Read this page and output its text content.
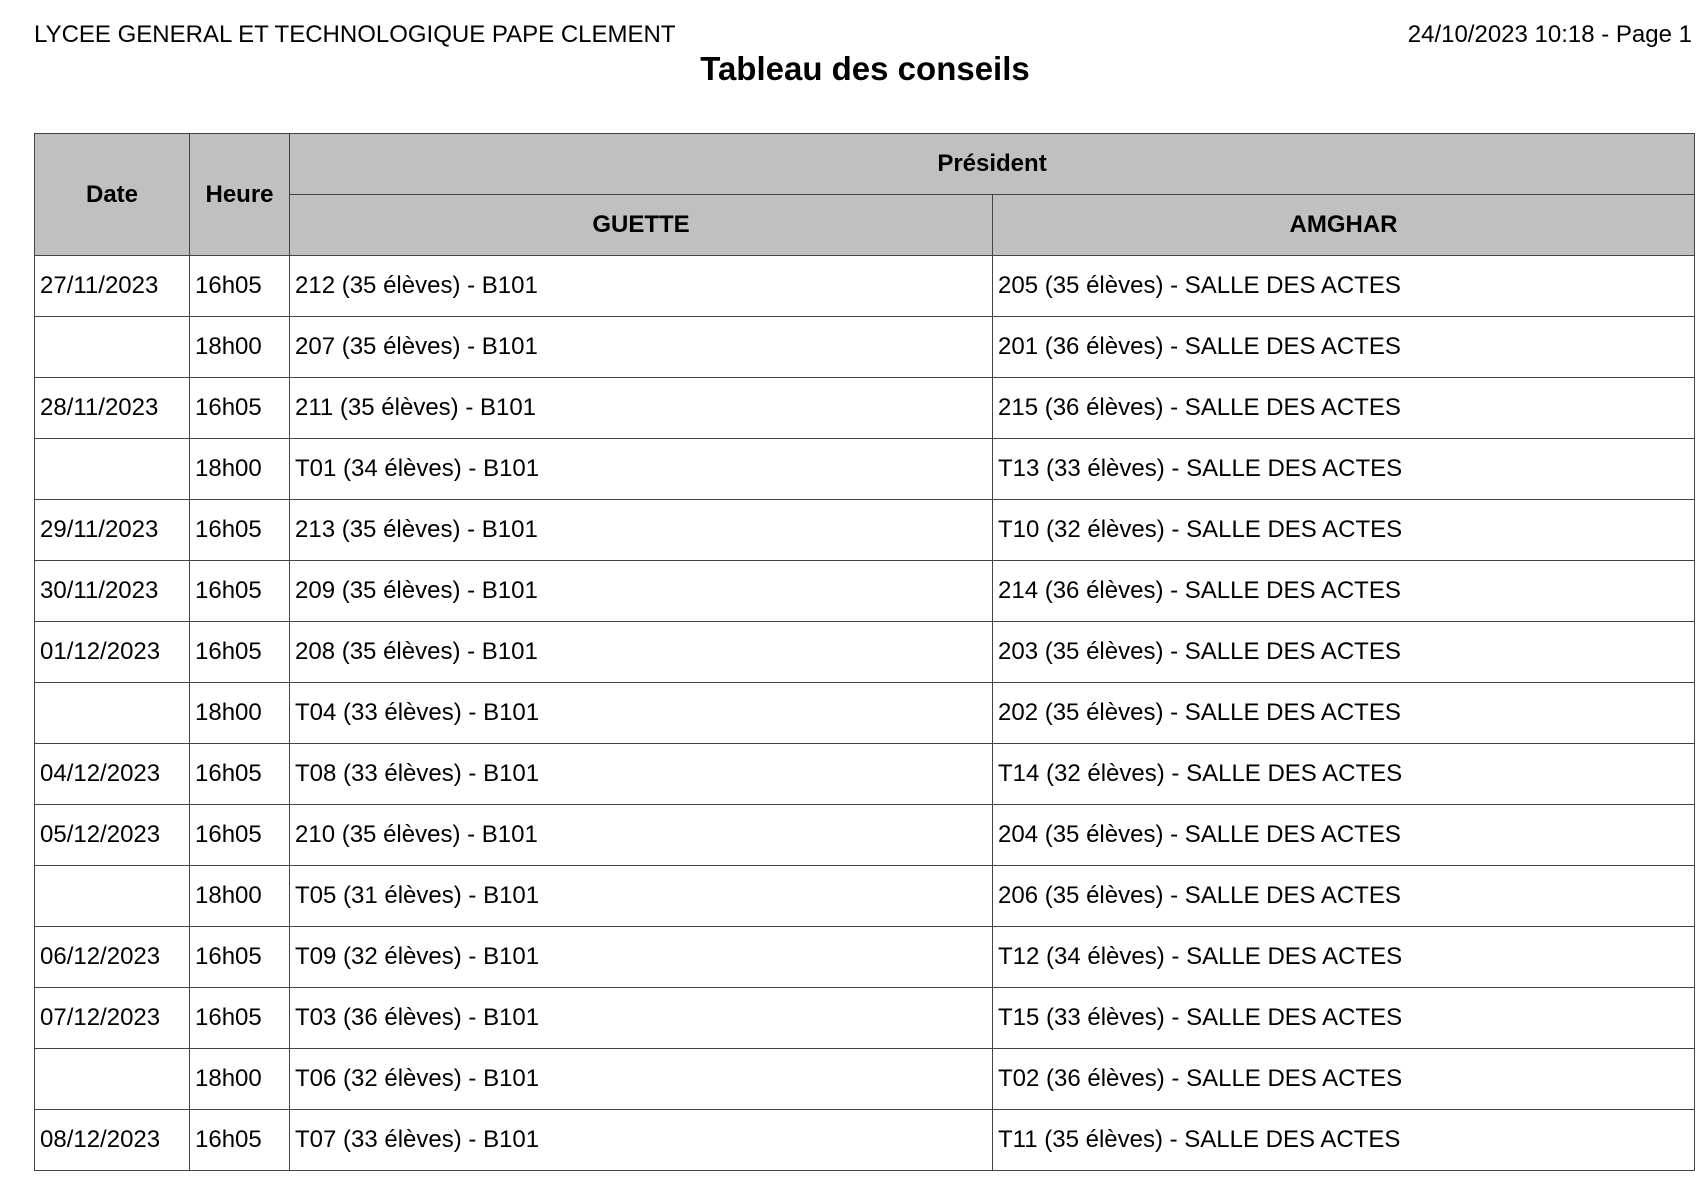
LYCEE GENERAL ET TECHNOLOGIQUE PAPE CLEMENT	24/10/2023 10:18 - Page 1
Tableau des conseils
Date	Heure	Président	
		GUETTE	AMGHAR
27/11/2023	16h05	212 (35 élèves) - B101	205 (35 élèves) - SALLE DES ACTES
	18h00	207 (35 élèves) - B101	201 (36 élèves) - SALLE DES ACTES
28/11/2023	16h05	211 (35 élèves) - B101	215 (36 élèves) - SALLE DES ACTES
	18h00	T01 (34 élèves) - B101	T13 (33 élèves) - SALLE DES ACTES
29/11/2023	16h05	213 (35 élèves) - B101	T10 (32 élèves) - SALLE DES ACTES
30/11/2023	16h05	209 (35 élèves) - B101	214 (36 élèves) - SALLE DES ACTES
01/12/2023	16h05	208 (35 élèves) - B101	203 (35 élèves) - SALLE DES ACTES
	18h00	T04 (33 élèves) - B101	202 (35 élèves) - SALLE DES ACTES
04/12/2023	16h05	T08 (33 élèves) - B101	T14 (32 élèves) - SALLE DES ACTES
05/12/2023	16h05	210 (35 élèves) - B101	204 (35 élèves) - SALLE DES ACTES
	18h00	T05 (31 élèves) - B101	206 (35 élèves) - SALLE DES ACTES
06/12/2023	16h05	T09 (32 élèves) - B101	T12 (34 élèves) - SALLE DES ACTES
07/12/2023	16h05	T03 (36 élèves) - B101	T15 (33 élèves) - SALLE DES ACTES
	18h00	T06 (32 élèves) - B101	T02 (36 élèves) - SALLE DES ACTES
08/12/2023	16h05	T07 (33 élèves) - B101	T11 (35 élèves) - SALLE DES ACTES
